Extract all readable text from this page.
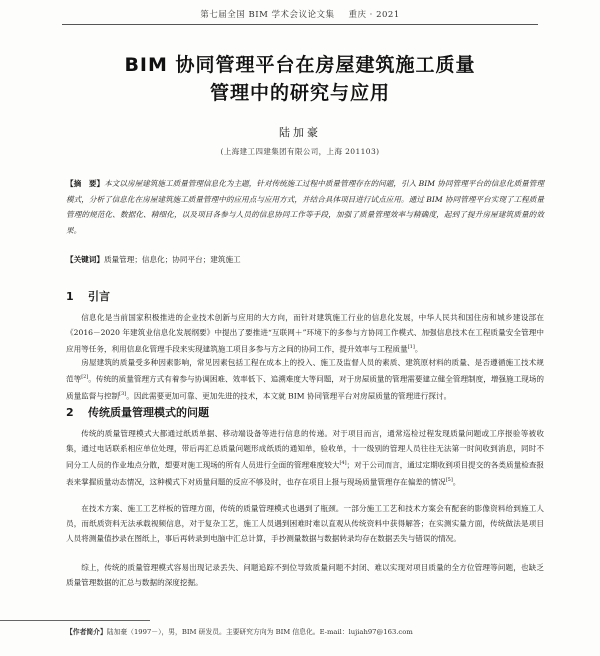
第七届全国 BIM 学术会议论文集 重庆 · 2021
BIM 协同管理平台在房屋建筑施工质量
管理中的研究与应用
陆加豪
(上海建工四建集团有限公司，上海 201103)
【摘　要】本文以房屋建筑施工质量管理信息化为主题，针对传统施工过程中质量管理存在的问题，引入 BIM 协同管理平台的信息化质量管理模式，分析了信息化在房屋建筑施工质量管理中的应用点与应用方式，并结合具体项目进行试点应用。通过 BIM 协同管理平台实现了工程质量管理的规范化、数据化、精细化，以及项目各参与人员的信息协同工作等手段，加强了质量管理效率与精确度，起到了提升房屋建筑质量的效果。
【关键词】质量管理；信息化；协同平台；建筑施工
1 引言
信息化是当前国家积极推进的企业技术创新与应用的大方向，而针对建筑施工行业的信息化发展，中华人民共和国住房和城乡建设部在《2016－2020 年建筑业信息化发展纲要》中提出了要推进“互联网＋”环境下的多参与方协同工作模式、加强信息技术在工程质量安全管理中应用等任务，利用信息化管理手段来实现建筑施工项目多参与方之间的协同工作，提升效率与工程质量[1]。
房屋建筑的质量受多种因素影响，常见因素包括工程在成本上的投入、施工及监督人员的素质、建筑原材料的质量、是否遵循施工技术规范等[2]。传统的质量管理方式有着参与协调困难、效率低下、追溯难度大等问题，对于房屋质量的管理需要建立健全管理制度，增强施工现场的质量监督与控制[3]。因此需要更加可靠、更加先进的技术，本文就 BIM 协同管理平台对房屋质量的管理进行探讨。
2 传统质量管理模式的问题
传统的质量管理模式大都通过纸质单据、移动端设备等进行信息的传递。对于项目而言，通常巡检过程发现质量问题或工序报验等被收集，通过电话联系相应单位处理，带后再汇总质量问题形成纸质的通知单，验收单，十一级别的管理人员往往无法第一时间收到消息，同时不同分工人员的作业地点分散，想要对施工现场的所有人员进行全面的管理难度较大[4]；对于公司而言，通过定期收到项目提交的各类质量检查报表来掌握质量动态情况，这种模式下对质量问题的反应不够及时，也存在项目上报与现场质量管理存在偏差的情况[5]。
在技术方案、施工工艺样板的管理方面，传统的质量管理模式也遇到了瓶颈。一部分施工工艺和技术方案会有配套的影像资料给到施工人员，而纸质资料无法承载视频信息，对于复杂工艺，施工人员遇到困难时难以直观从传统资料中获得解答；在实测实量方面，传统做法是项目人员将测量值抄录在图纸上，事后再转录到电脑中汇总计算，手抄测量数据与数据转录均存在数据丢失与错误的情况。
综上，传统的质量管理模式容易出现记录丢失、问题追踪不到位导致质量问题不封闭、难以实现对项目质量的全方位管理等问题，也缺乏质量管理数据的汇总与数据的深度挖掘。
【作者简介】陆加豪（1997－），男，BIM 研发员。主要研究方向为 BIM 信息化。E-mail：lujiah97@163.com
